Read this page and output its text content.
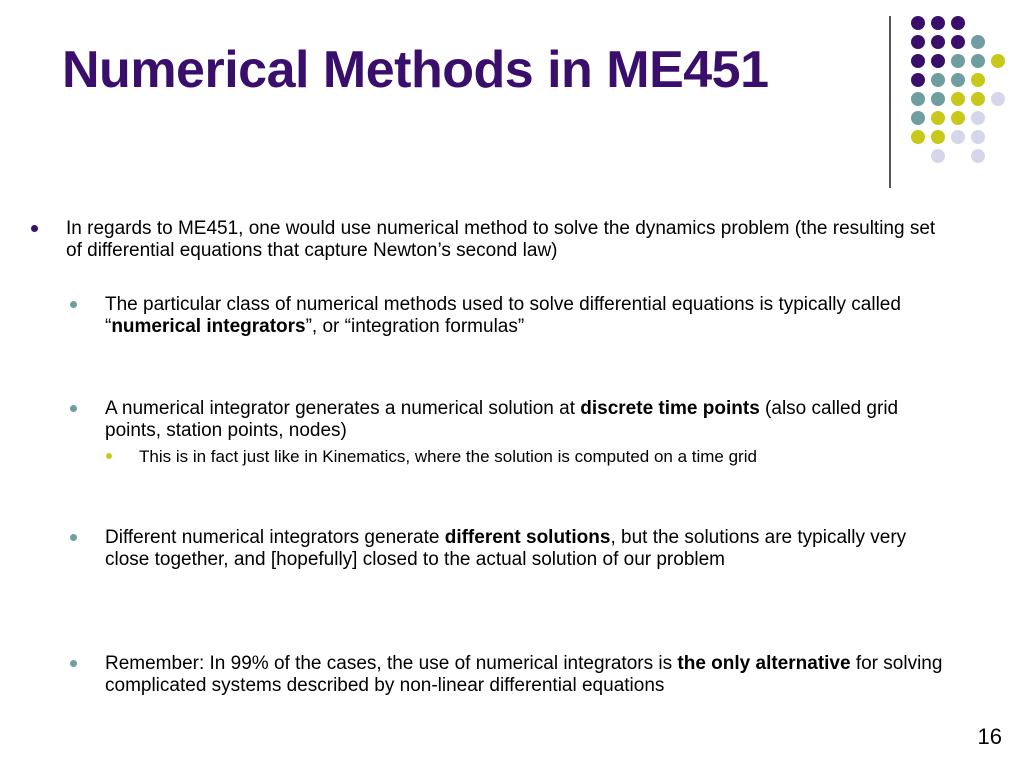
Numerical Methods in ME451
In regards to ME451, one would use numerical method to solve the dynamics problem (the resulting set of differential equations that capture Newton’s second law)
The particular class of numerical methods used to solve differential equations is typically called “numerical integrators”, or “integration formulas”
A numerical integrator generates a numerical solution at discrete time points (also called grid points, station points, nodes)
This is in fact just like in Kinematics, where the solution is computed on a time grid
Different numerical integrators generate different solutions, but the solutions are typically very close together, and [hopefully] closed to the actual solution of our problem
Remember: In 99% of the cases, the use of numerical integrators is the only alternative for solving complicated systems described by non-linear differential equations
16
